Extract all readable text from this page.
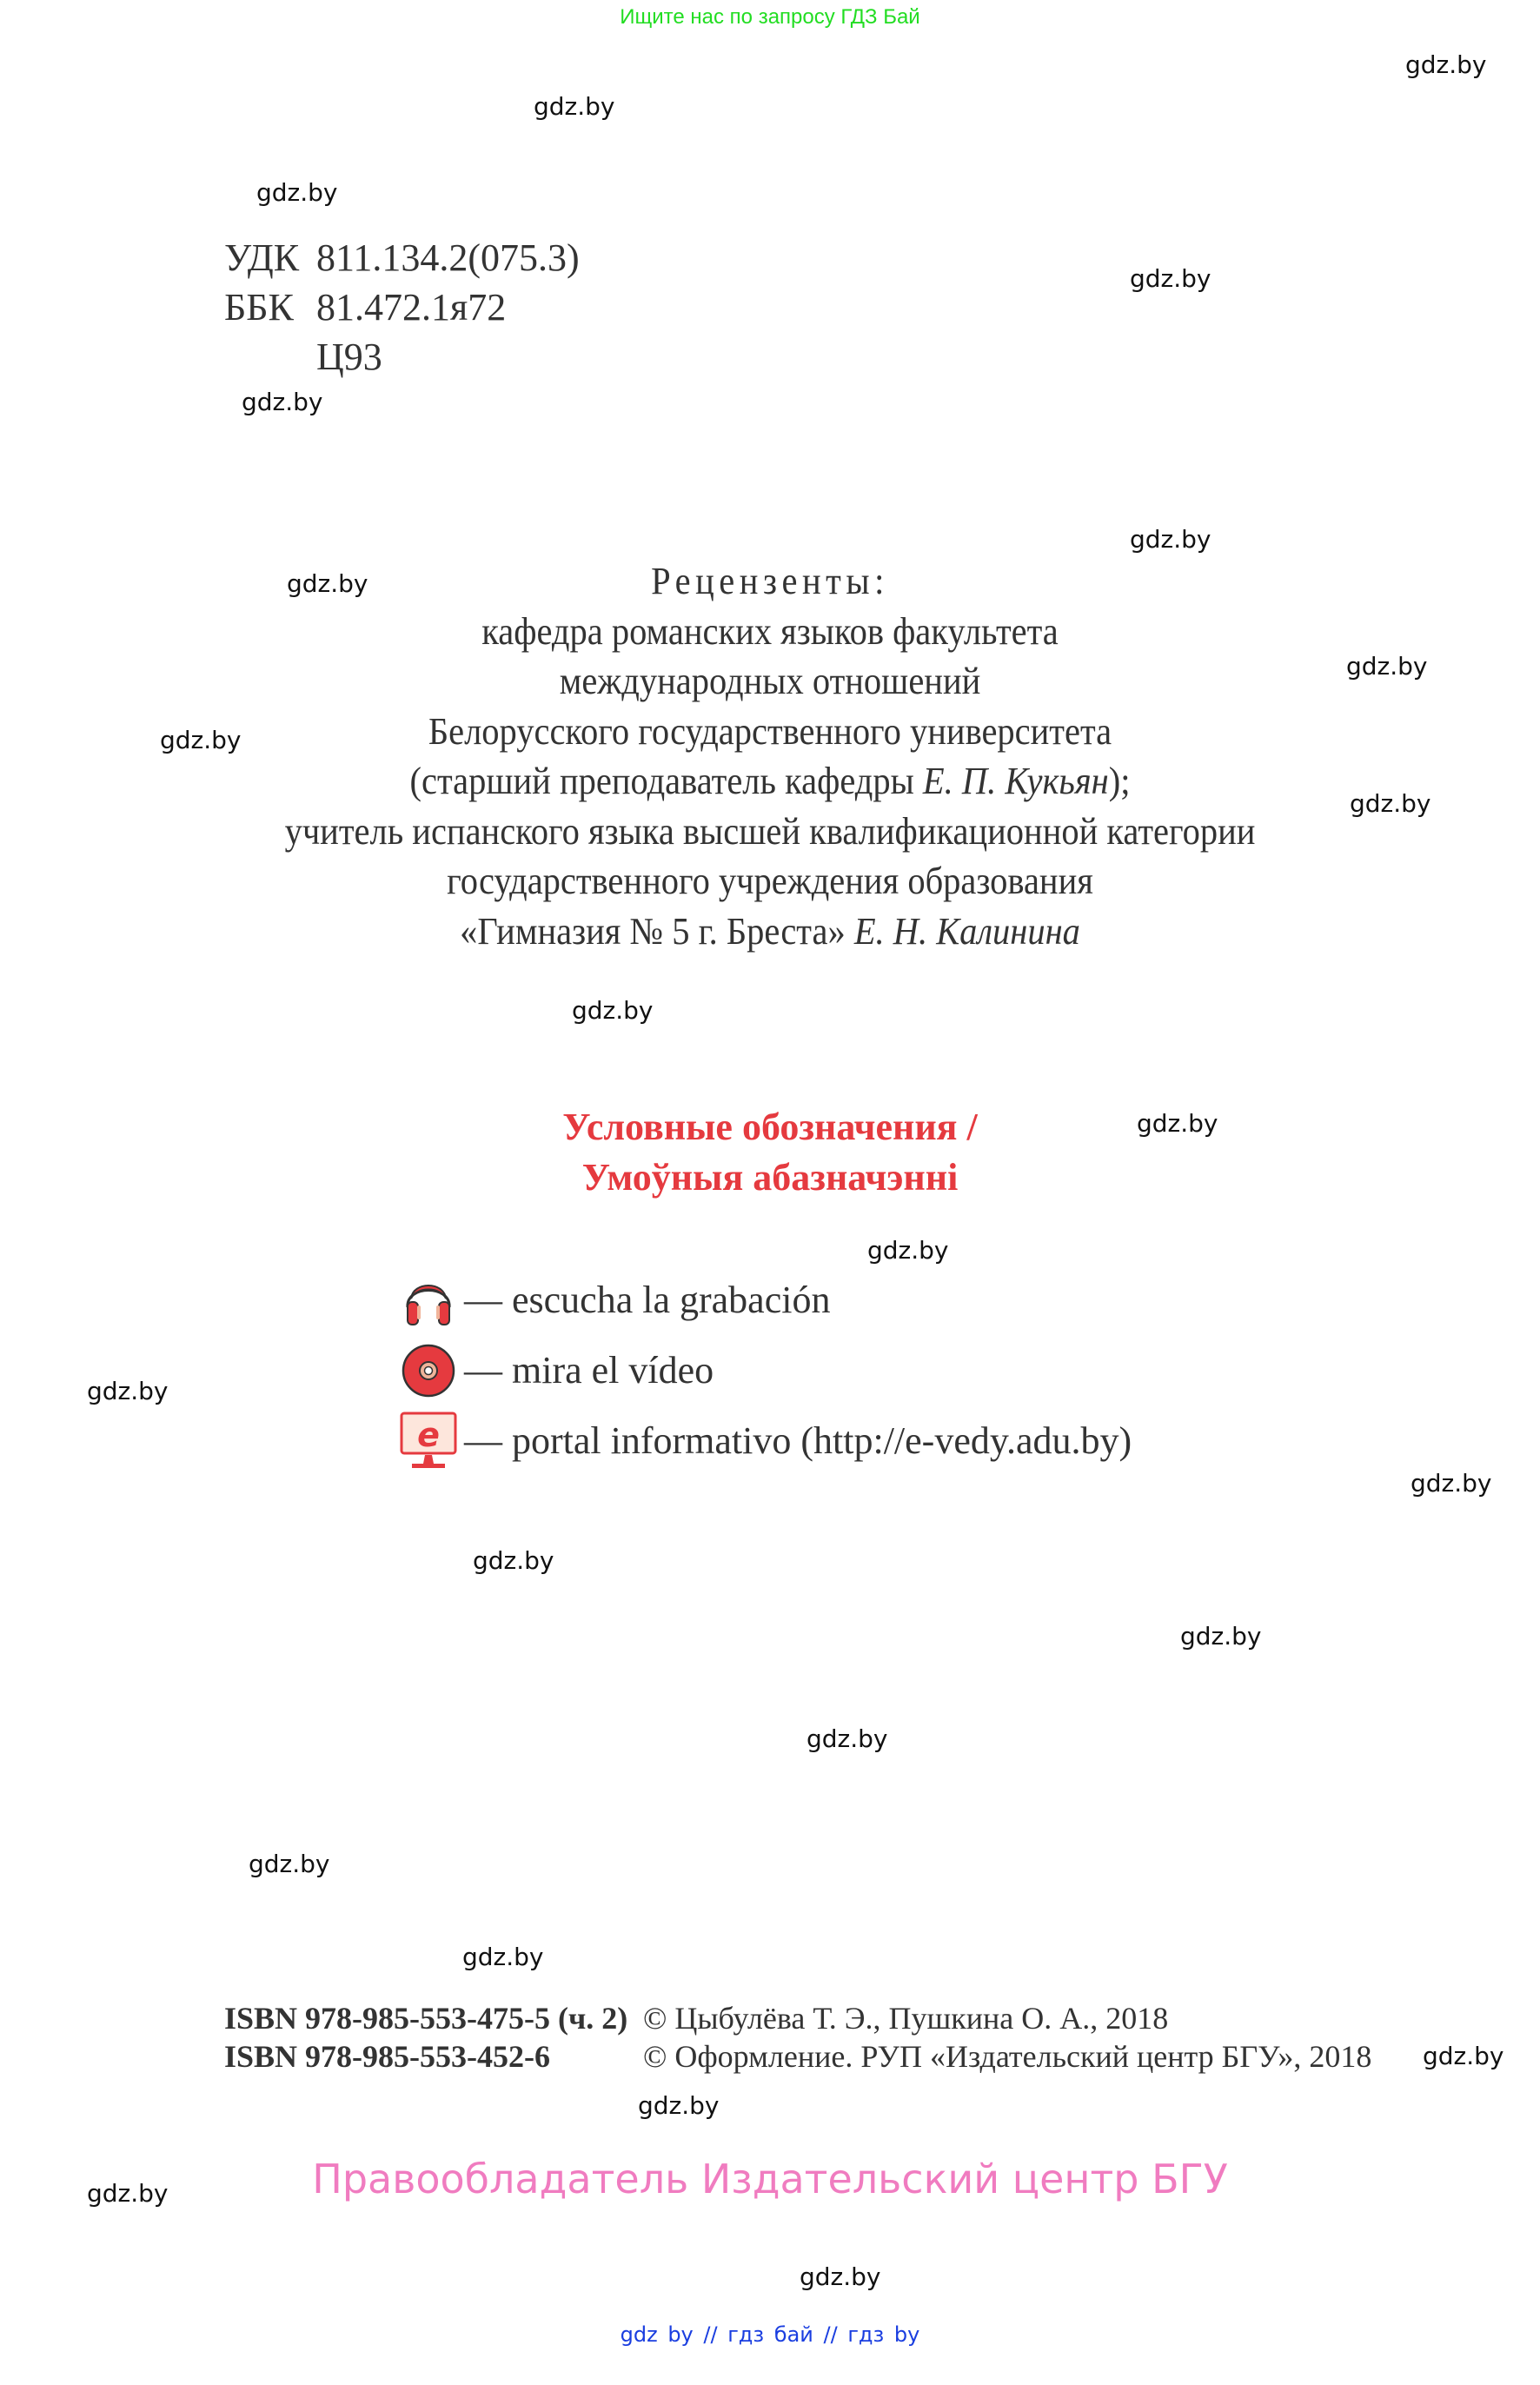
Ищите нас по запросу ГДЗ Бай
gdz.by
gdz.by
gdz.by
gdz.by
gdz.by
gdz.by
gdz.by
gdz.by
gdz.by
gdz.by
gdz.by
gdz.by
gdz.by
gdz.by
gdz.by
gdz.by
gdz.by
gdz.by
gdz.by
gdz.by
gdz.by
gdz.by
gdz.by
gdz.by
УДК 811.134.2(075.3)
ББК 81.472.1я72
Ц93
Рецензенты:
кафедра романских языков факультета
международных отношений
Белорусского государственного университета
(старший преподаватель кафедры Е. П. Кукьян);
учитель испанского языка высшей квалификационной категории
государственного учреждения образования
«Гимназия № 5 г. Бреста» Е. Н. Калинина
Условные обозначения /
Умоўныя абазначэнні
— escucha la grabación
— mira el vídeo
e — portal informativo (http://e-vedy.adu.by)
ISBN 978-985-553-475-5 (ч. 2) © Цыбулёва Т. Э., Пушкина О. А., 2018
ISBN 978-985-553-452-6	© Оформление. РУП «Издательский центр БГУ», 2018
Правообладатель Издательский центр БГУ
gdz by // гдз бай // гдз by
